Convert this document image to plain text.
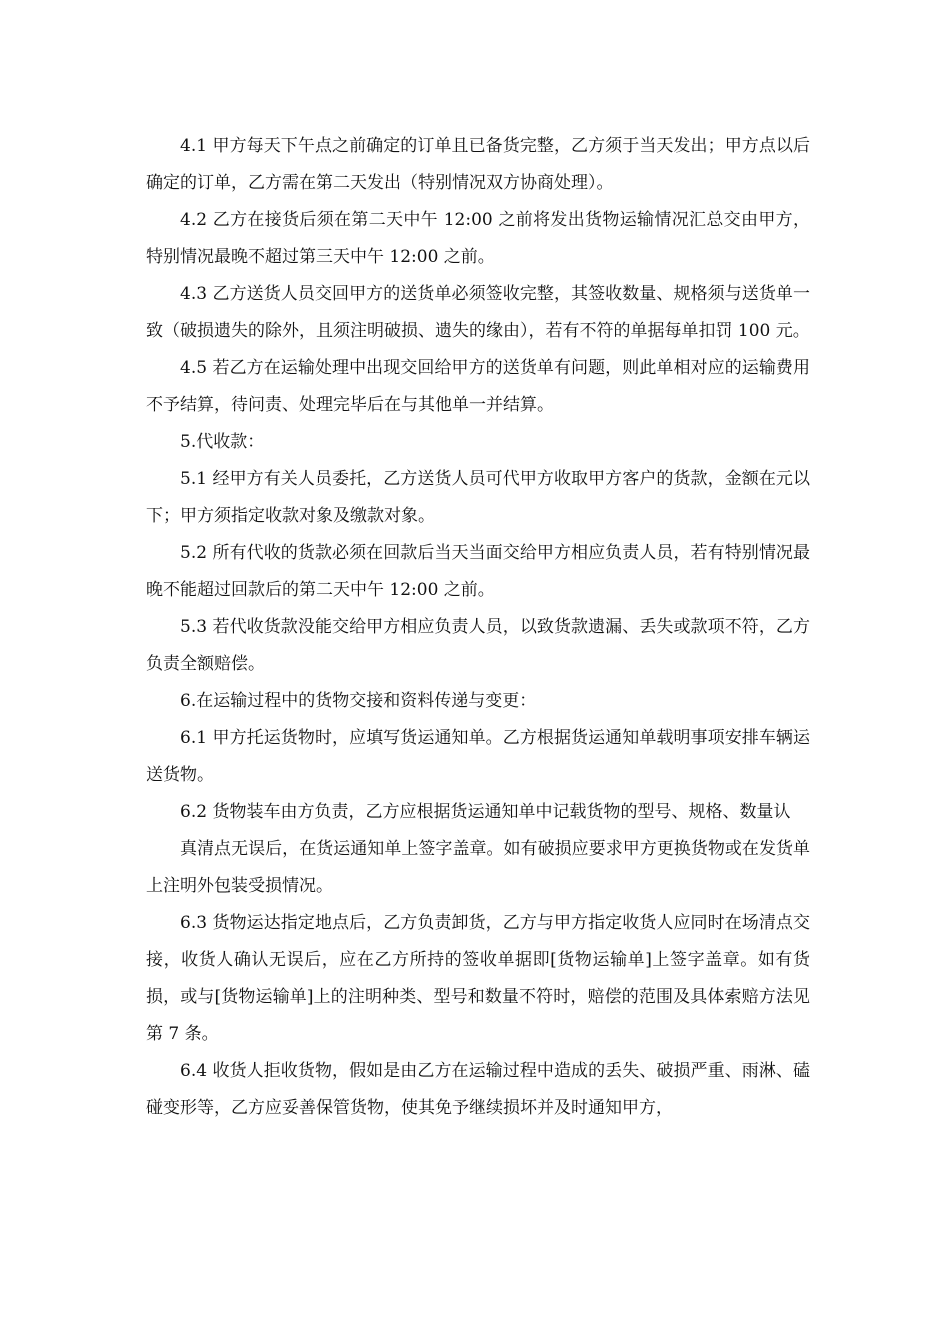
4.1 甲方每天下午点之前确定的订单且已备货完整，乙方须于当天发出；甲方点以后确定的订单，乙方需在第二天发出（特别情况双方协商处理）。

4.2 乙方在接货后须在第二天中午 12:00 之前将发出货物运输情况汇总交由甲方，特别情况最晚不超过第三天中午 12:00 之前。

4.3 乙方送货人员交回甲方的送货单必须签收完整，其签收数量、规格须与送货单一致（破损遗失的除外，且须注明破损、遗失的缘由），若有不符的单据每单扣罚 100 元。

4.5 若乙方在运输处理中出现交回给甲方的送货单有问题，则此单相对应的运输费用不予结算，待问责、处理完毕后在与其他单一并结算。

5.代收款：

5.1 经甲方有关人员委托，乙方送货人员可代甲方收取甲方客户的货款，金额在元以下；甲方须指定收款对象及缴款对象。

5.2 所有代收的货款必须在回款后当天当面交给甲方相应负责人员，若有特别情况最晚不能超过回款后的第二天中午 12:00 之前。

5.3 若代收货款没能交给甲方相应负责人员，以致货款遗漏、丢失或款项不符，乙方负责全额赔偿。

6.在运输过程中的货物交接和资料传递与变更：

6.1 甲方托运货物时，应填写货运通知单。乙方根据货运通知单载明事项安排车辆运送货物。

6.2 货物装车由方负责，乙方应根据货运通知单中记载货物的型号、规格、数量认

真清点无误后，在货运通知单上签字盖章。如有破损应要求甲方更换货物或在发货单上注明外包装受损情况。

6.3 货物运达指定地点后，乙方负责卸货，乙方与甲方指定收货人应同时在场清点交接，收货人确认无误后，应在乙方所持的签收单据即[货物运输单]上签字盖章。如有货损，或与[货物运输单]上的注明种类、型号和数量不符时，赔偿的范围及具体索赔方法见第 7 条。

6.4 收货人拒收货物，假如是由乙方在运输过程中造成的丢失、破损严重、雨淋、磕碰变形等，乙方应妥善保管货物，使其免予继续损坏并及时通知甲方，
